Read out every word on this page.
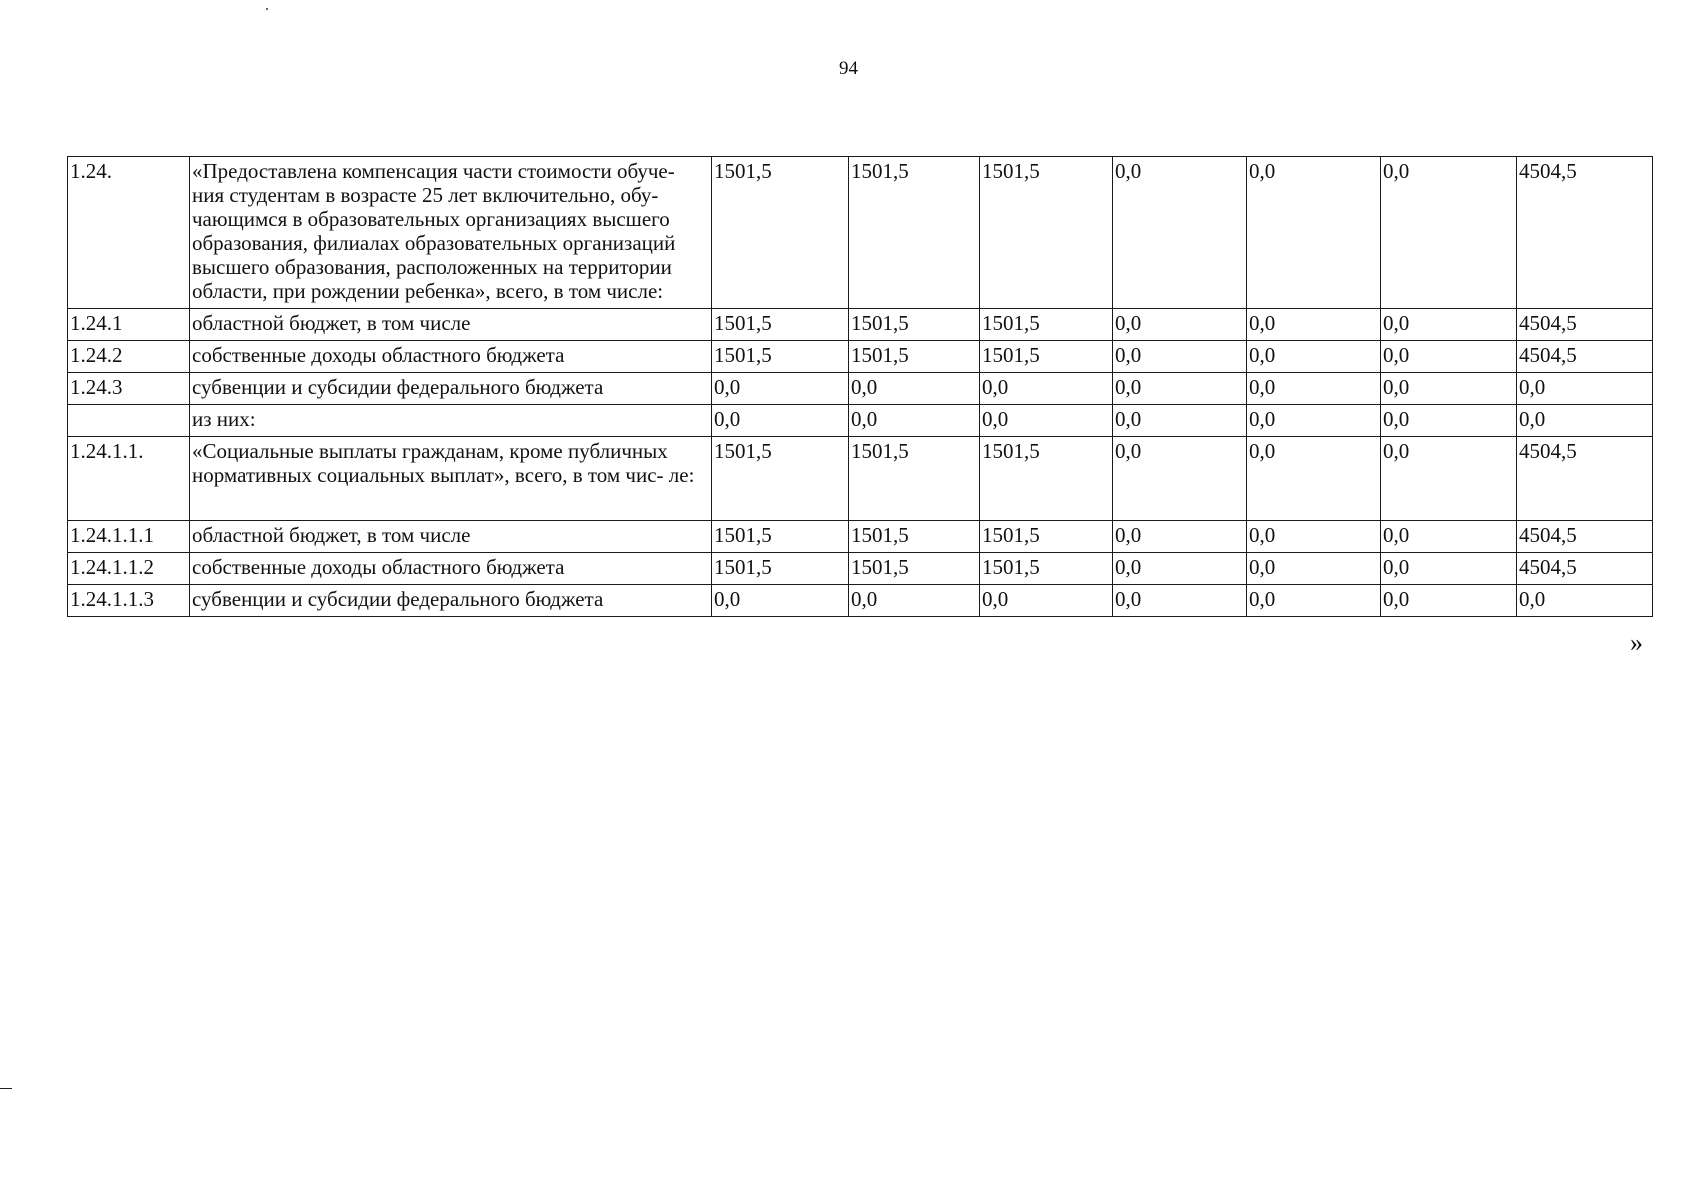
94
1.24.	«Предоставлена компенсация части стоимости обуче- ния студентам в возрасте 25 лет включительно, обу- чающимся в образовательных организациях высшего образования, филиалах образовательных организаций высшего образования, расположенных на территории области, при рождении ребенка», всего, в том числе:	1501,5	1501,5	1501,5	0,0	0,0	0,0	4504,5
1.24.1	областной бюджет, в том числе	1501,5	1501,5	1501,5	0,0	0,0	0,0	4504,5
1.24.2	собственные доходы областного бюджета	1501,5	1501,5	1501,5	0,0	0,0	0,0	4504,5
1.24.3	субвенции и субсидии федерального бюджета	0,0	0,0	0,0	0,0	0,0	0,0	0,0
	из них:	0,0	0,0	0,0	0,0	0,0	0,0	0,0
1.24.1.1.	«Социальные выплаты гражданам, кроме публичных нормативных социальных выплат», всего, в том чис- ле:	1501,5	1501,5	1501,5	0,0	0,0	0,0	4504,5
1.24.1.1.1	областной бюджет, в том числе	1501,5	1501,5	1501,5	0,0	0,0	0,0	4504,5
1.24.1.1.2	собственные доходы областного бюджета	1501,5	1501,5	1501,5	0,0	0,0	0,0	4504,5
1.24.1.1.3	субвенции и субсидии федерального бюджета	0,0	0,0	0,0	0,0	0,0	0,0	0,0
»
